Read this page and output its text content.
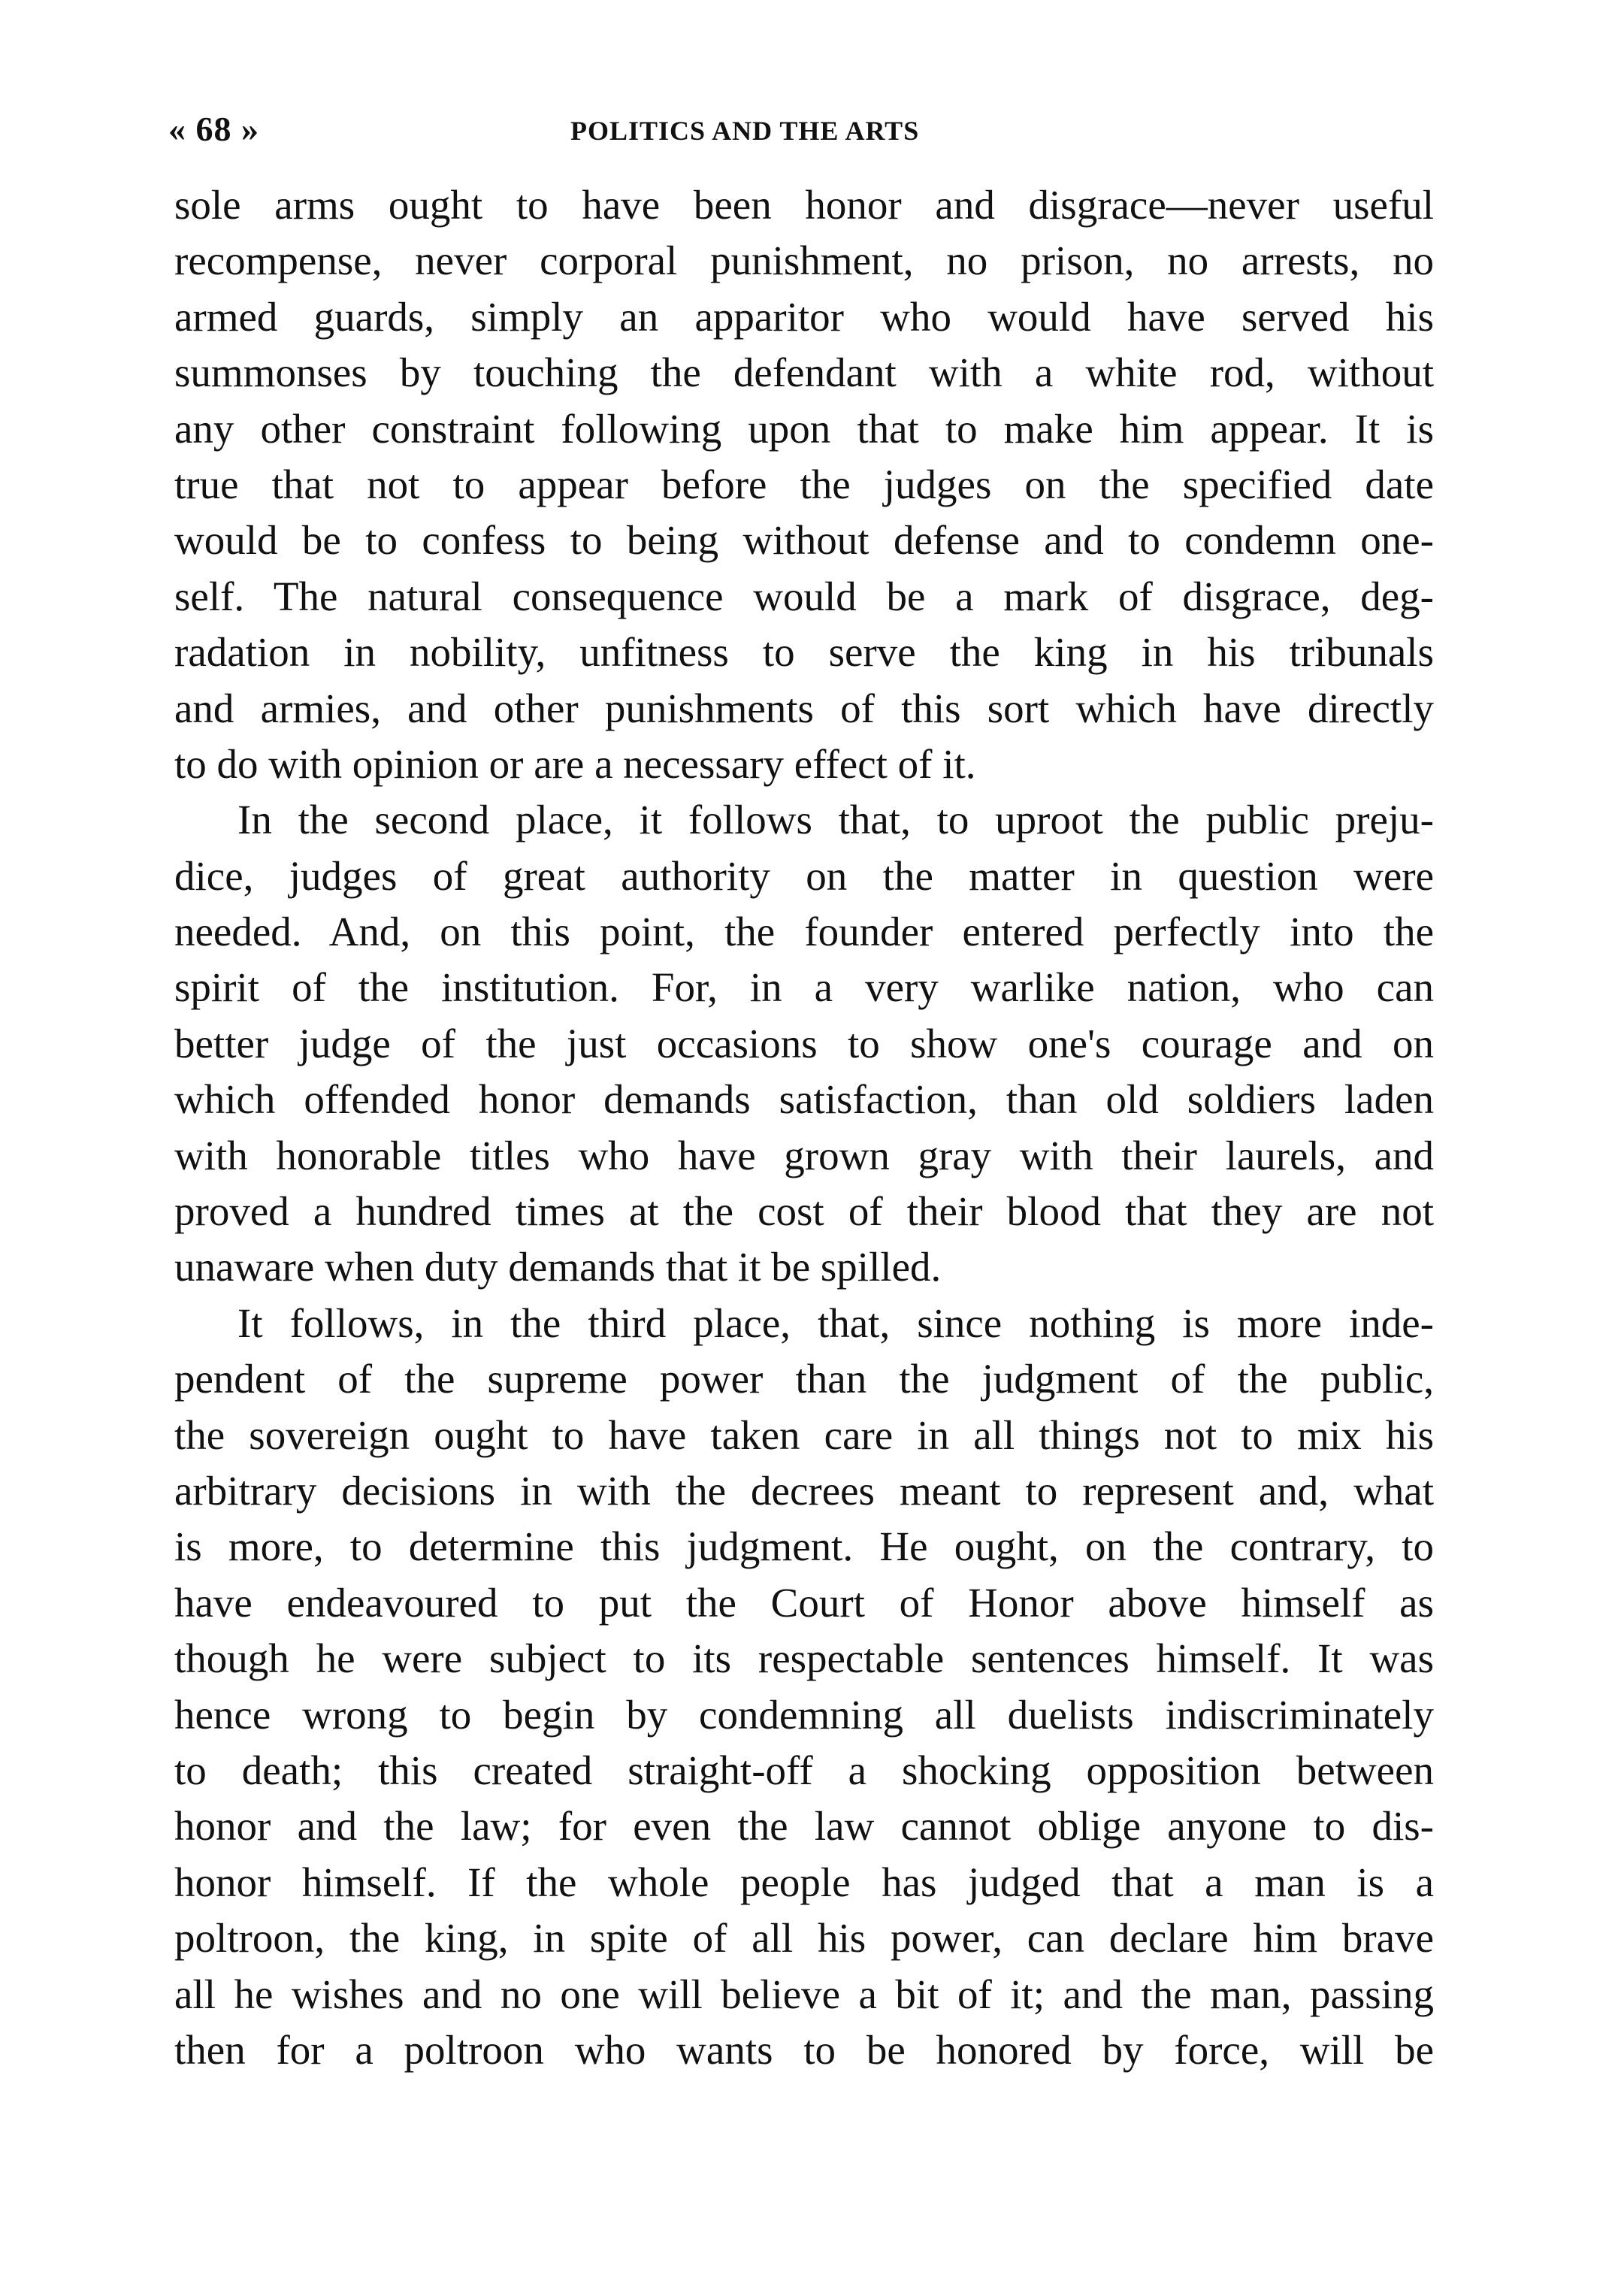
« 68 »	POLITICS AND THE ARTS
sole arms ought to have been honor and disgrace—never useful
recompense, never corporal punishment, no prison, no arrests, no
armed guards, simply an apparitor who would have served his
summonses by touching the defendant with a white rod, without
any other constraint following upon that to make him appear. It is
true that not to appear before the judges on the specified date
would be to confess to being without defense and to condemn one-
self. The natural consequence would be a mark of disgrace, deg-
radation in nobility, unfitness to serve the king in his tribunals
and armies, and other punishments of this sort which have directly
to do with opinion or are a necessary effect of it.
In the second place, it follows that, to uproot the public preju-
dice, judges of great authority on the matter in question were
needed. And, on this point, the founder entered perfectly into the
spirit of the institution. For, in a very warlike nation, who can
better judge of the just occasions to show one's courage and on
which offended honor demands satisfaction, than old soldiers laden
with honorable titles who have grown gray with their laurels, and
proved a hundred times at the cost of their blood that they are not
unaware when duty demands that it be spilled.
It follows, in the third place, that, since nothing is more inde-
pendent of the supreme power than the judgment of the public,
the sovereign ought to have taken care in all things not to mix his
arbitrary decisions in with the decrees meant to represent and, what
is more, to determine this judgment. He ought, on the contrary, to
have endeavoured to put the Court of Honor above himself as
though he were subject to its respectable sentences himself. It was
hence wrong to begin by condemning all duelists indiscriminately
to death; this created straight-off a shocking opposition between
honor and the law; for even the law cannot oblige anyone to dis-
honor himself. If the whole people has judged that a man is a
poltroon, the king, in spite of all his power, can declare him brave
all he wishes and no one will believe a bit of it; and the man, passing
then for a poltroon who wants to be honored by force, will be
